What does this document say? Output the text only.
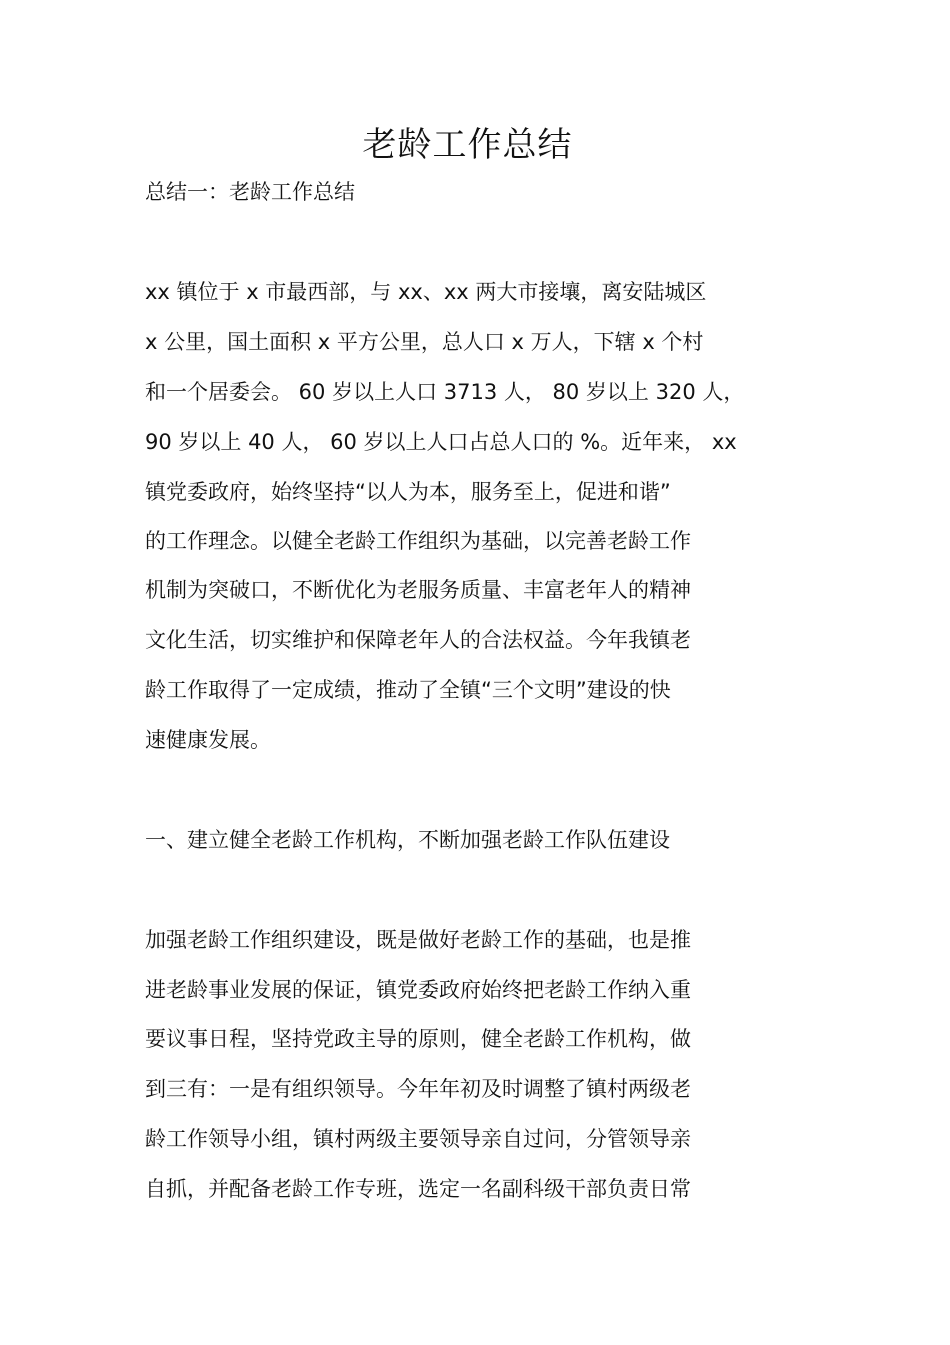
老龄工作总结

总结一：老龄工作总结

xx 镇位于 x 市最西部，与 xx、xx 两大市接壤，离安陆城区

x 公里，国土面积 x 平方公里，总人口 x 万人，下辖 x 个村

和一个居委会。 60 岁以上人口 3713 人， 80 岁以上 320 人，

90 岁以上 40 人， 60 岁以上人口占总人口的 %。近年来， xx

镇党委政府，始终坚持“以人为本，服务至上，促进和谐”

的工作理念。以健全老龄工作组织为基础，以完善老龄工作

机制为突破口，不断优化为老服务质量、丰富老年人的精神

文化生活，切实维护和保障老年人的合法权益。今年我镇老

龄工作取得了一定成绩，推动了全镇“三个文明”建设的快

速健康发展。

一、建立健全老龄工作机构，不断加强老龄工作队伍建设

加强老龄工作组织建设，既是做好老龄工作的基础，也是推

进老龄事业发展的保证，镇党委政府始终把老龄工作纳入重

要议事日程，坚持党政主导的原则，健全老龄工作机构，做

到三有：一是有组织领导。今年年初及时调整了镇村两级老

龄工作领导小组，镇村两级主要领导亲自过问，分管领导亲

自抓，并配备老龄工作专班，选定一名副科级干部负责日常
